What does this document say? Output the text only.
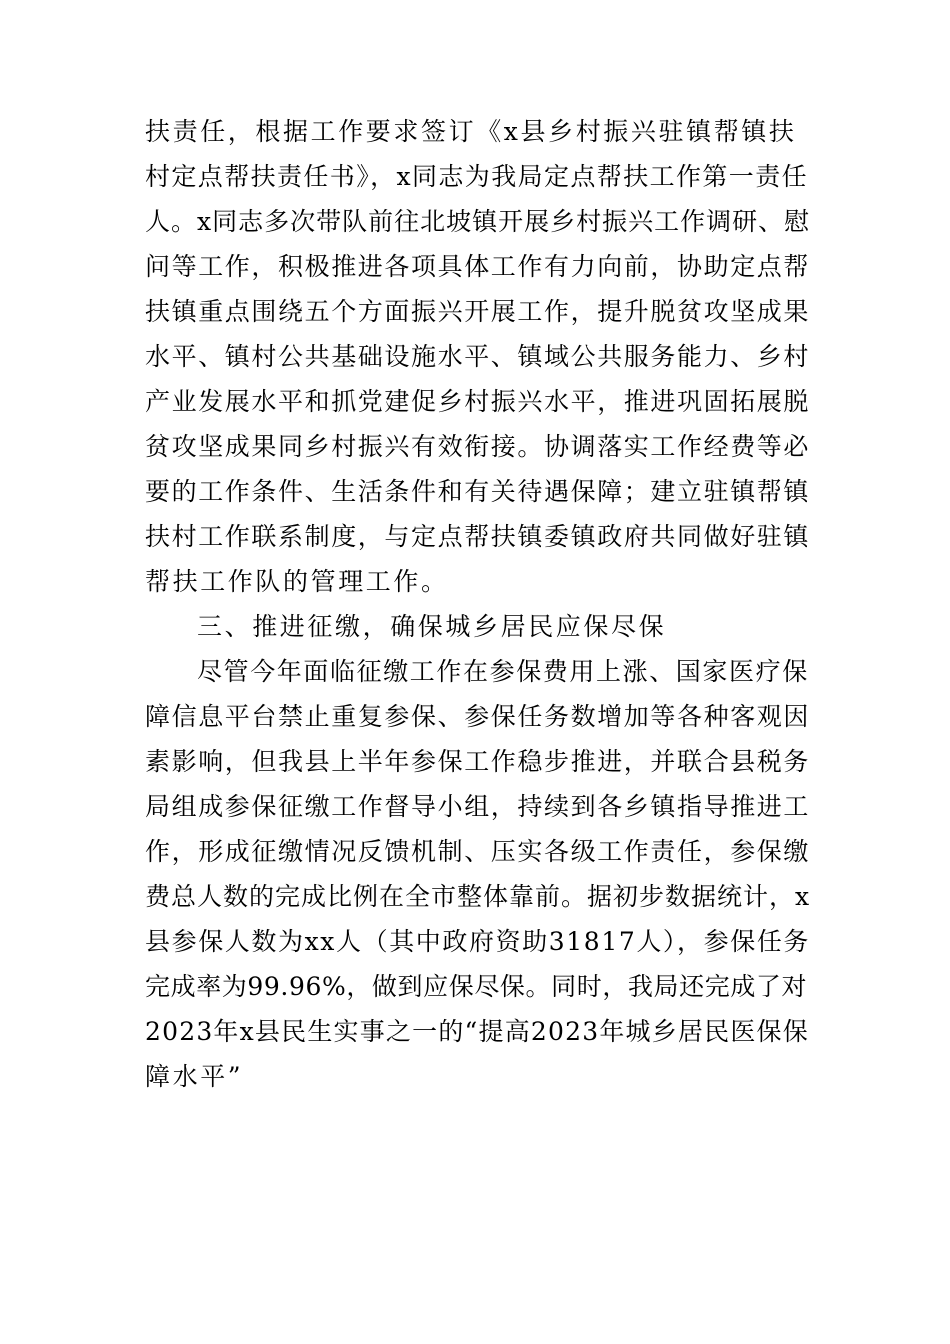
扶责任，根据工作要求签订《x县乡村振兴驻镇帮镇扶
村定点帮扶责任书》，x同志为我局定点帮扶工作第一责任
人。x同志多次带队前往北坡镇开展乡村振兴工作调研、慰
问等工作，积极推进各项具体工作有力向前，协助定点帮
扶镇重点围绕五个方面振兴开展工作，提升脱贫攻坚成果
水平、镇村公共基础设施水平、镇域公共服务能力、乡村
产业发展水平和抓党建促乡村振兴水平，推进巩固拓展脱
贫攻坚成果同乡村振兴有效衔接。协调落实工作经费等必
要的工作条件、生活条件和有关待遇保障；建立驻镇帮镇
扶村工作联系制度，与定点帮扶镇委镇政府共同做好驻镇
帮扶工作队的管理工作。
三、推进征缴，确保城乡居民应保尽保
尽管今年面临征缴工作在参保费用上涨、国家医疗保
障信息平台禁止重复参保、参保任务数增加等各种客观因
素影响，但我县上半年参保工作稳步推进，并联合县税务
局组成参保征缴工作督导小组，持续到各乡镇指导推进工
作，形成征缴情况反馈机制、压实各级工作责任，参保缴
费总人数的完成比例在全市整体靠前。据初步数据统计，x
县参保人数为xx人（其中政府资助31817人），参保任务
完成率为99.96%，做到应保尽保。同时，我局还完成了对
2023年x县民生实事之一的“提高2023年城乡居民医保保
障水平”
